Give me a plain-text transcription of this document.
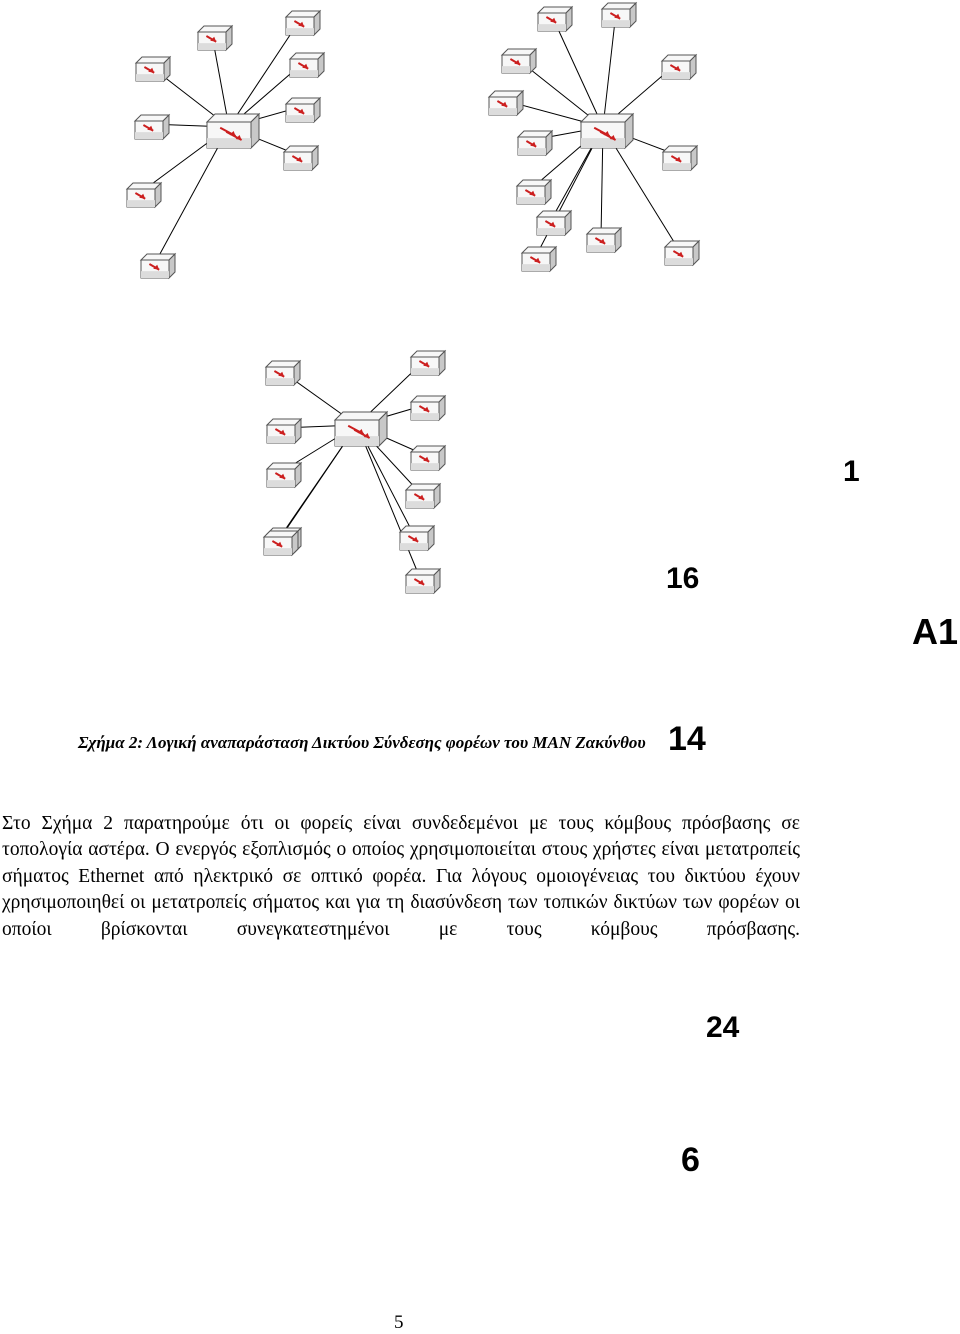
1
16
A1
14
24
6
Σχήμα 2: Λογική αναπαράσταση Δικτύου Σύνδεσης φορέων του MAN Ζακύνθου

Στο Σχήμα 2 παρατηρούμε ότι οι φορείς είναι συνδεδεμένοι με τους κόμβους πρόσβασης σε τοπολογία αστέρα. Ο ενεργός εξοπλισμός ο οποίος χρησιμοποιείται στους χρήστες είναι μετατροπείς σήματος Ethernet από ηλεκτρικό σε οπτικό φορέα. Για λόγους ομοιογένειας του δικτύου έχουν χρησιμοποιηθεί οι μετατροπείς σήματος και για τη διασύνδεση των τοπικών δικτύων των φορέων οι οποίοι βρίσκονται συνεγκατεστημένοι με τους κόμβους πρόσβασης.

5
